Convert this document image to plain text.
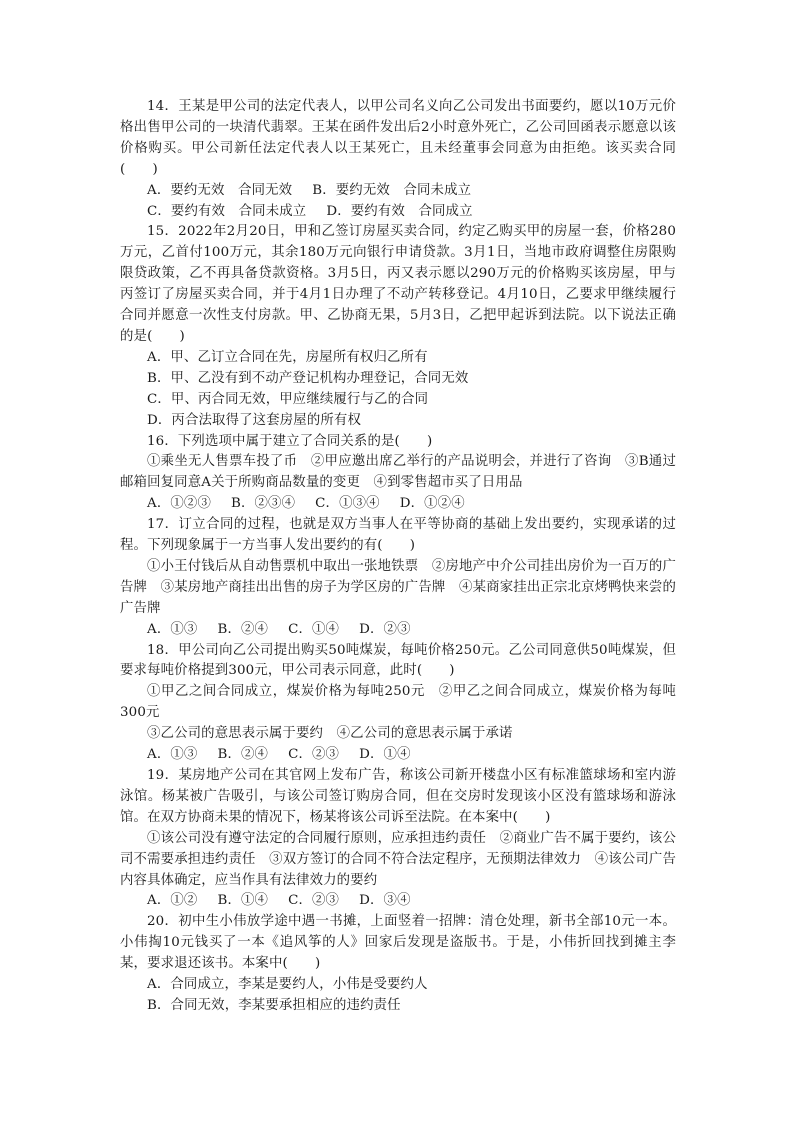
14．王某是甲公司的法定代表人，以甲公司名义向乙公司发出书面要约，愿以10万元价格出售甲公司的一块清代翡翠。王某在函件发出后2小时意外死亡，乙公司回函表示愿意以该价格购买。甲公司新任法定代表人以王某死亡，且未经董事会同意为由拒绝。该买卖合同(　　)

A．要约无效　合同无效 B．要约无效　合同未成立

C．要约有效　合同未成立 D．要约有效　合同成立

15．2022年2月20日，甲和乙签订房屋买卖合同，约定乙购买甲的房屋一套，价格280万元，乙首付100万元，其余180万元向银行申请贷款。3月1日，当地市政府调整住房限购限贷政策，乙不再具备贷款资格。3月5日，丙又表示愿以290万元的价格购买该房屋，甲与丙签订了房屋买卖合同，并于4月1日办理了不动产转移登记。4月10日，乙要求甲继续履行合同并愿意一次性支付房款。甲、乙协商无果，5月3日，乙把甲起诉到法院。以下说法正确的是(　　)

A．甲、乙订立合同在先，房屋所有权归乙所有

B．甲、乙没有到不动产登记机构办理登记，合同无效

C．甲、丙合同无效，甲应继续履行与乙的合同

D．丙合法取得了这套房屋的所有权

16．下列选项中属于建立了合同关系的是(　　)

①乘坐无人售票车投了币　②甲应邀出席乙举行的产品说明会，并进行了咨询　③B通过邮箱回复同意A关于所购商品数量的变更　④到零售超市买了日用品

A．①②③ B．②③④ C．①③④ D．①②④

17．订立合同的过程，也就是双方当事人在平等协商的基础上发出要约，实现承诺的过程。下列现象属于一方当事人发出要约的有(　　)

①小王付钱后从自动售票机中取出一张地铁票　②房地产中介公司挂出房价为一百万的广告牌　③某房地产商挂出出售的房子为学区房的广告牌　④某商家挂出正宗北京烤鸭快来尝的广告牌

A．①③ B．②④ C．①④ D．②③

18．甲公司向乙公司提出购买50吨煤炭，每吨价格250元。乙公司同意供50吨煤炭，但要求每吨价格提到300元，甲公司表示同意，此时(　　)

①甲乙之间合同成立，煤炭价格为每吨250元　②甲乙之间合同成立，煤炭价格为每吨300元

③乙公司的意思表示属于要约　④乙公司的意思表示属于承诺

A．①③ B．②④ C．②③ D．①④

19．某房地产公司在其官网上发布广告，称该公司新开楼盘小区有标准篮球场和室内游泳馆。杨某被广告吸引，与该公司签订购房合同，但在交房时发现该小区没有篮球场和游泳馆。在双方协商未果的情况下，杨某将该公司诉至法院。在本案中(　　)

①该公司没有遵守法定的合同履行原则，应承担违约责任　②商业广告不属于要约，该公司不需要承担违约责任　③双方签订的合同不符合法定程序，无预期法律效力　④该公司广告内容具体确定，应当作具有法律效力的要约

A．①② B．①④ C．②③ D．③④

20．初中生小伟放学途中遇一书摊，上面竖着一招牌：清仓处理，新书全部10元一本。小伟掏10元钱买了一本《追风筝的人》回家后发现是盗版书。于是，小伟折回找到摊主李某，要求退还该书。本案中(　　)

A．合同成立，李某是要约人，小伟是受要约人

B．合同无效，李某要承担相应的违约责任
